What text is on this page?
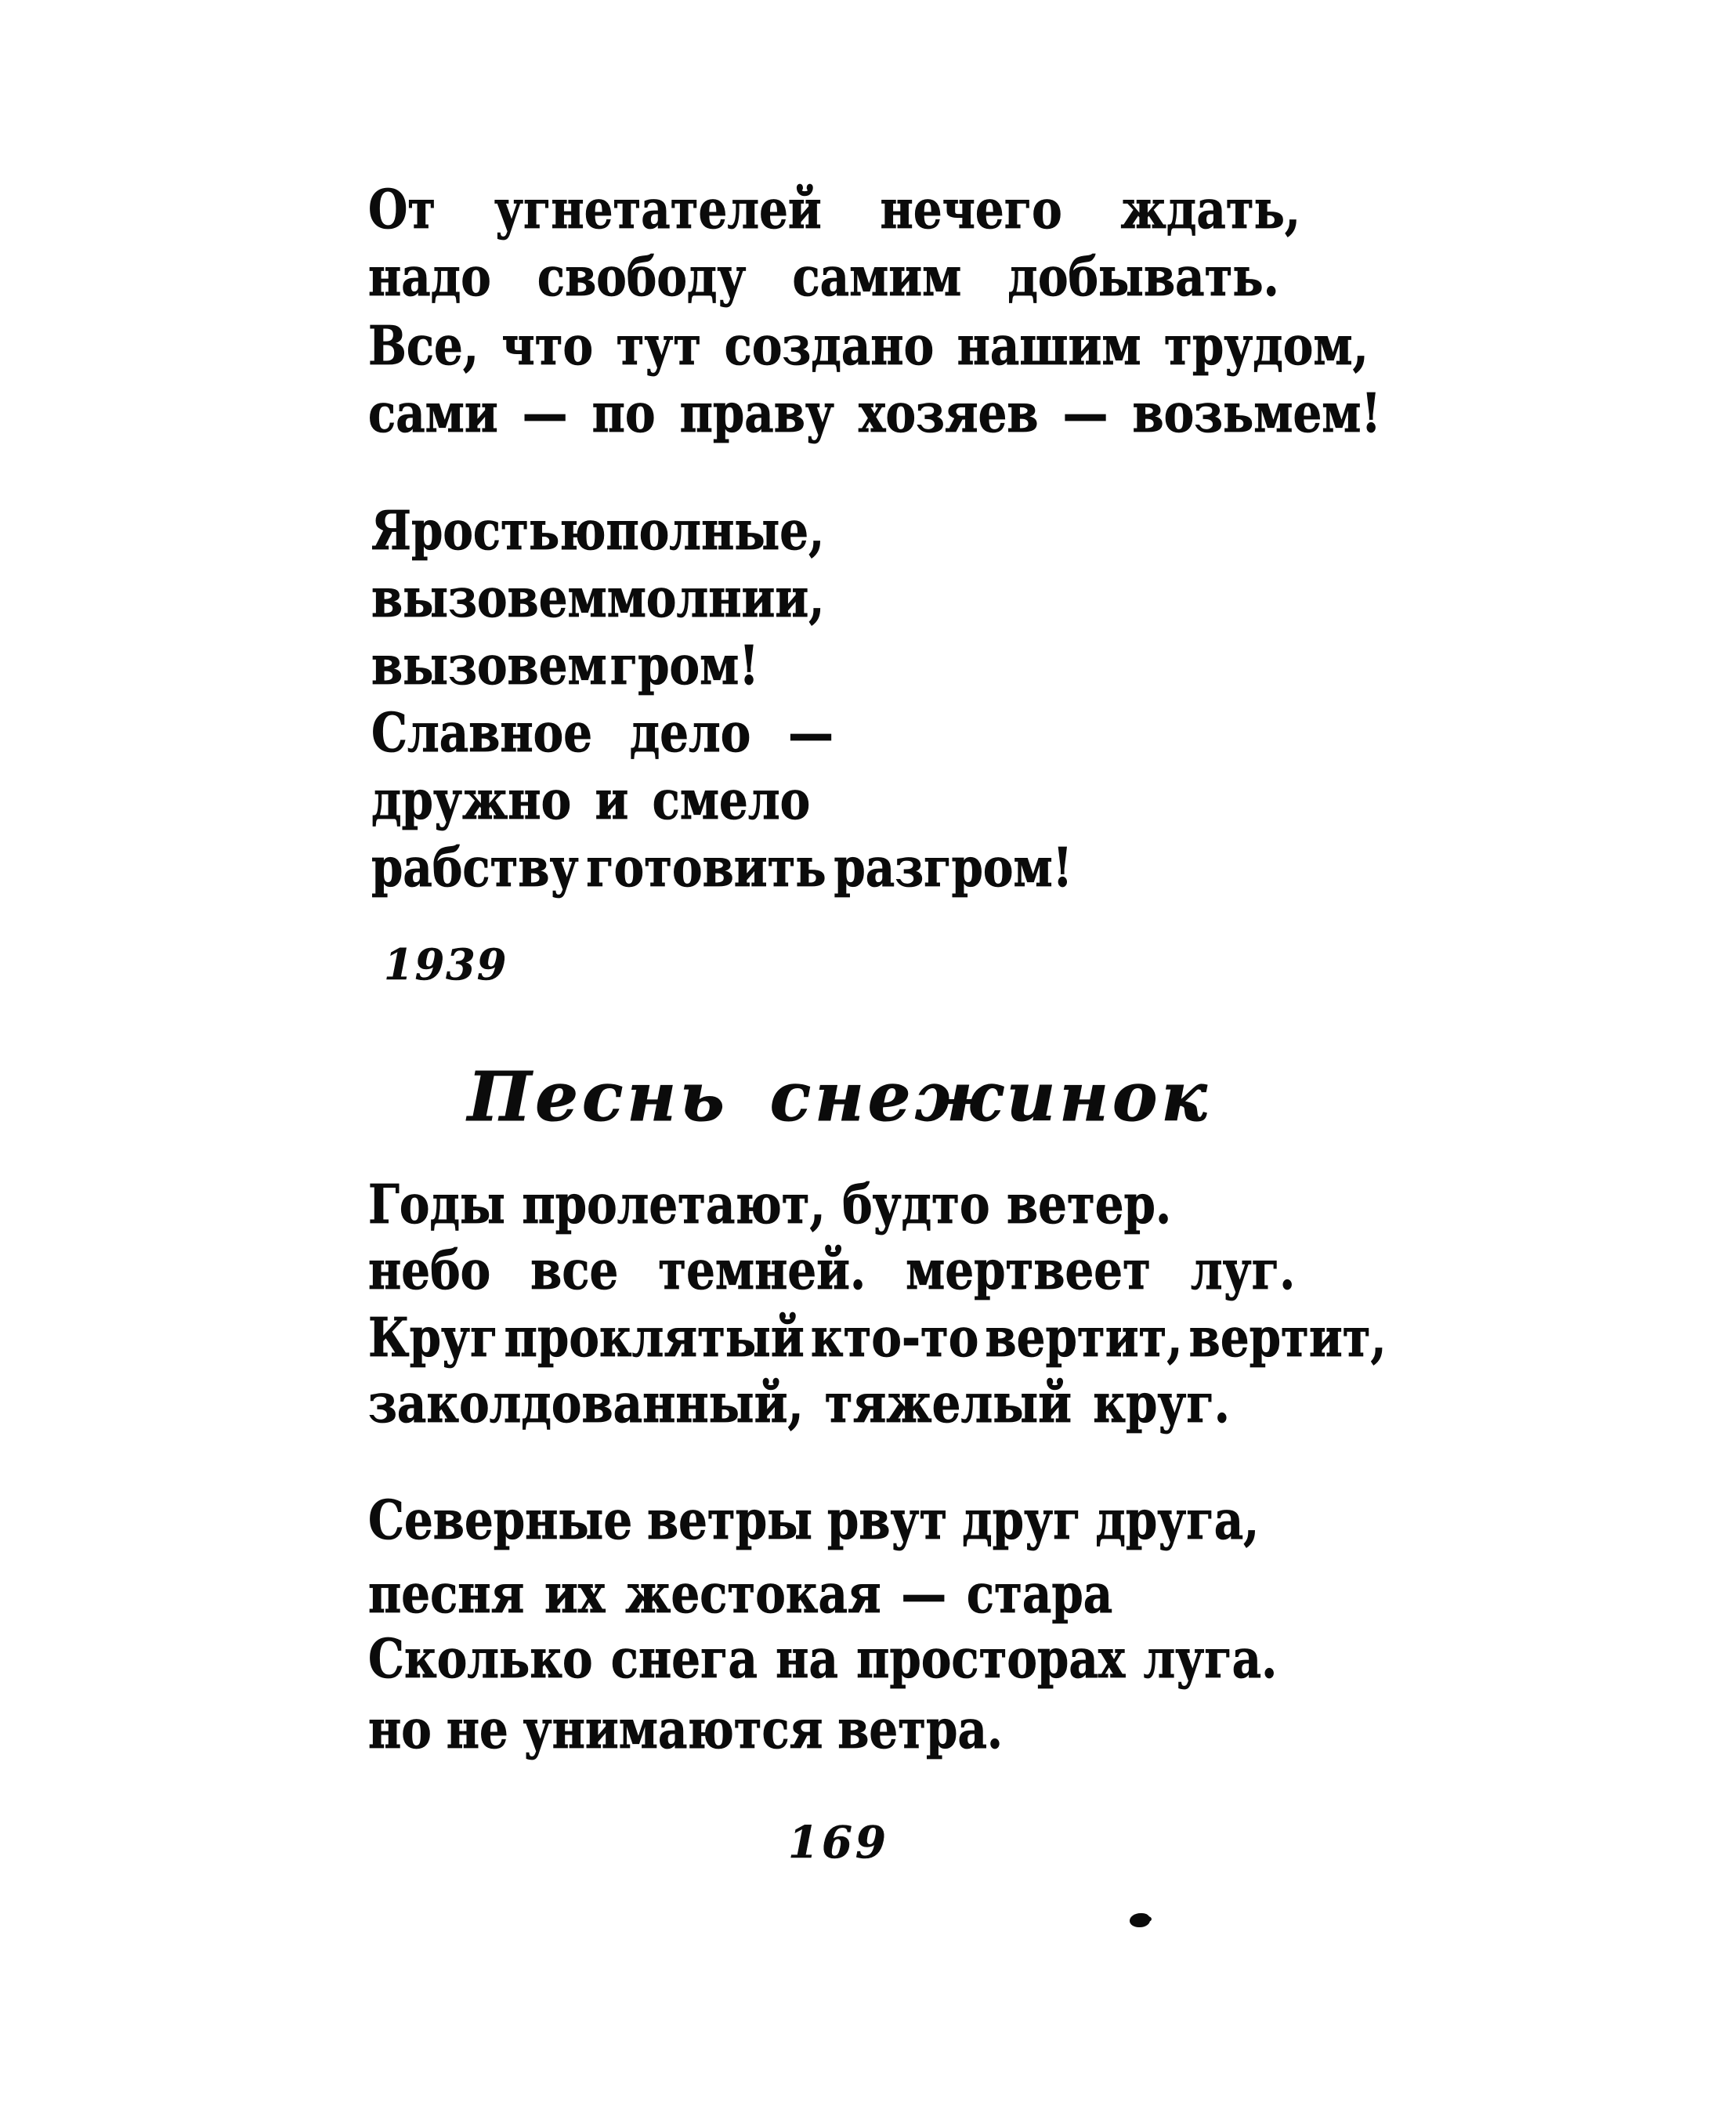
От угнетателей нечего ждать,
надо свободу самим добывать.
Все, что тут создано нашим трудом,
сами — по праву хозяев — возьмем!
Яростью полные,
вызовем молнии,
вызовем гром!
Славное дело —
дружно и смело
рабству готовить разгром!
1939
Песнь снежинок
Годы пролетают, будто ветер.
небо все темней. мертвеет луг.
Круг проклятый кто-то вертит, вертит,
заколдованный, тяжелый круг.
Северные ветры рвут друг друга,
песня их жестокая — стара
Сколько снега на просторах луга.
но не унимаются ветра.
169
